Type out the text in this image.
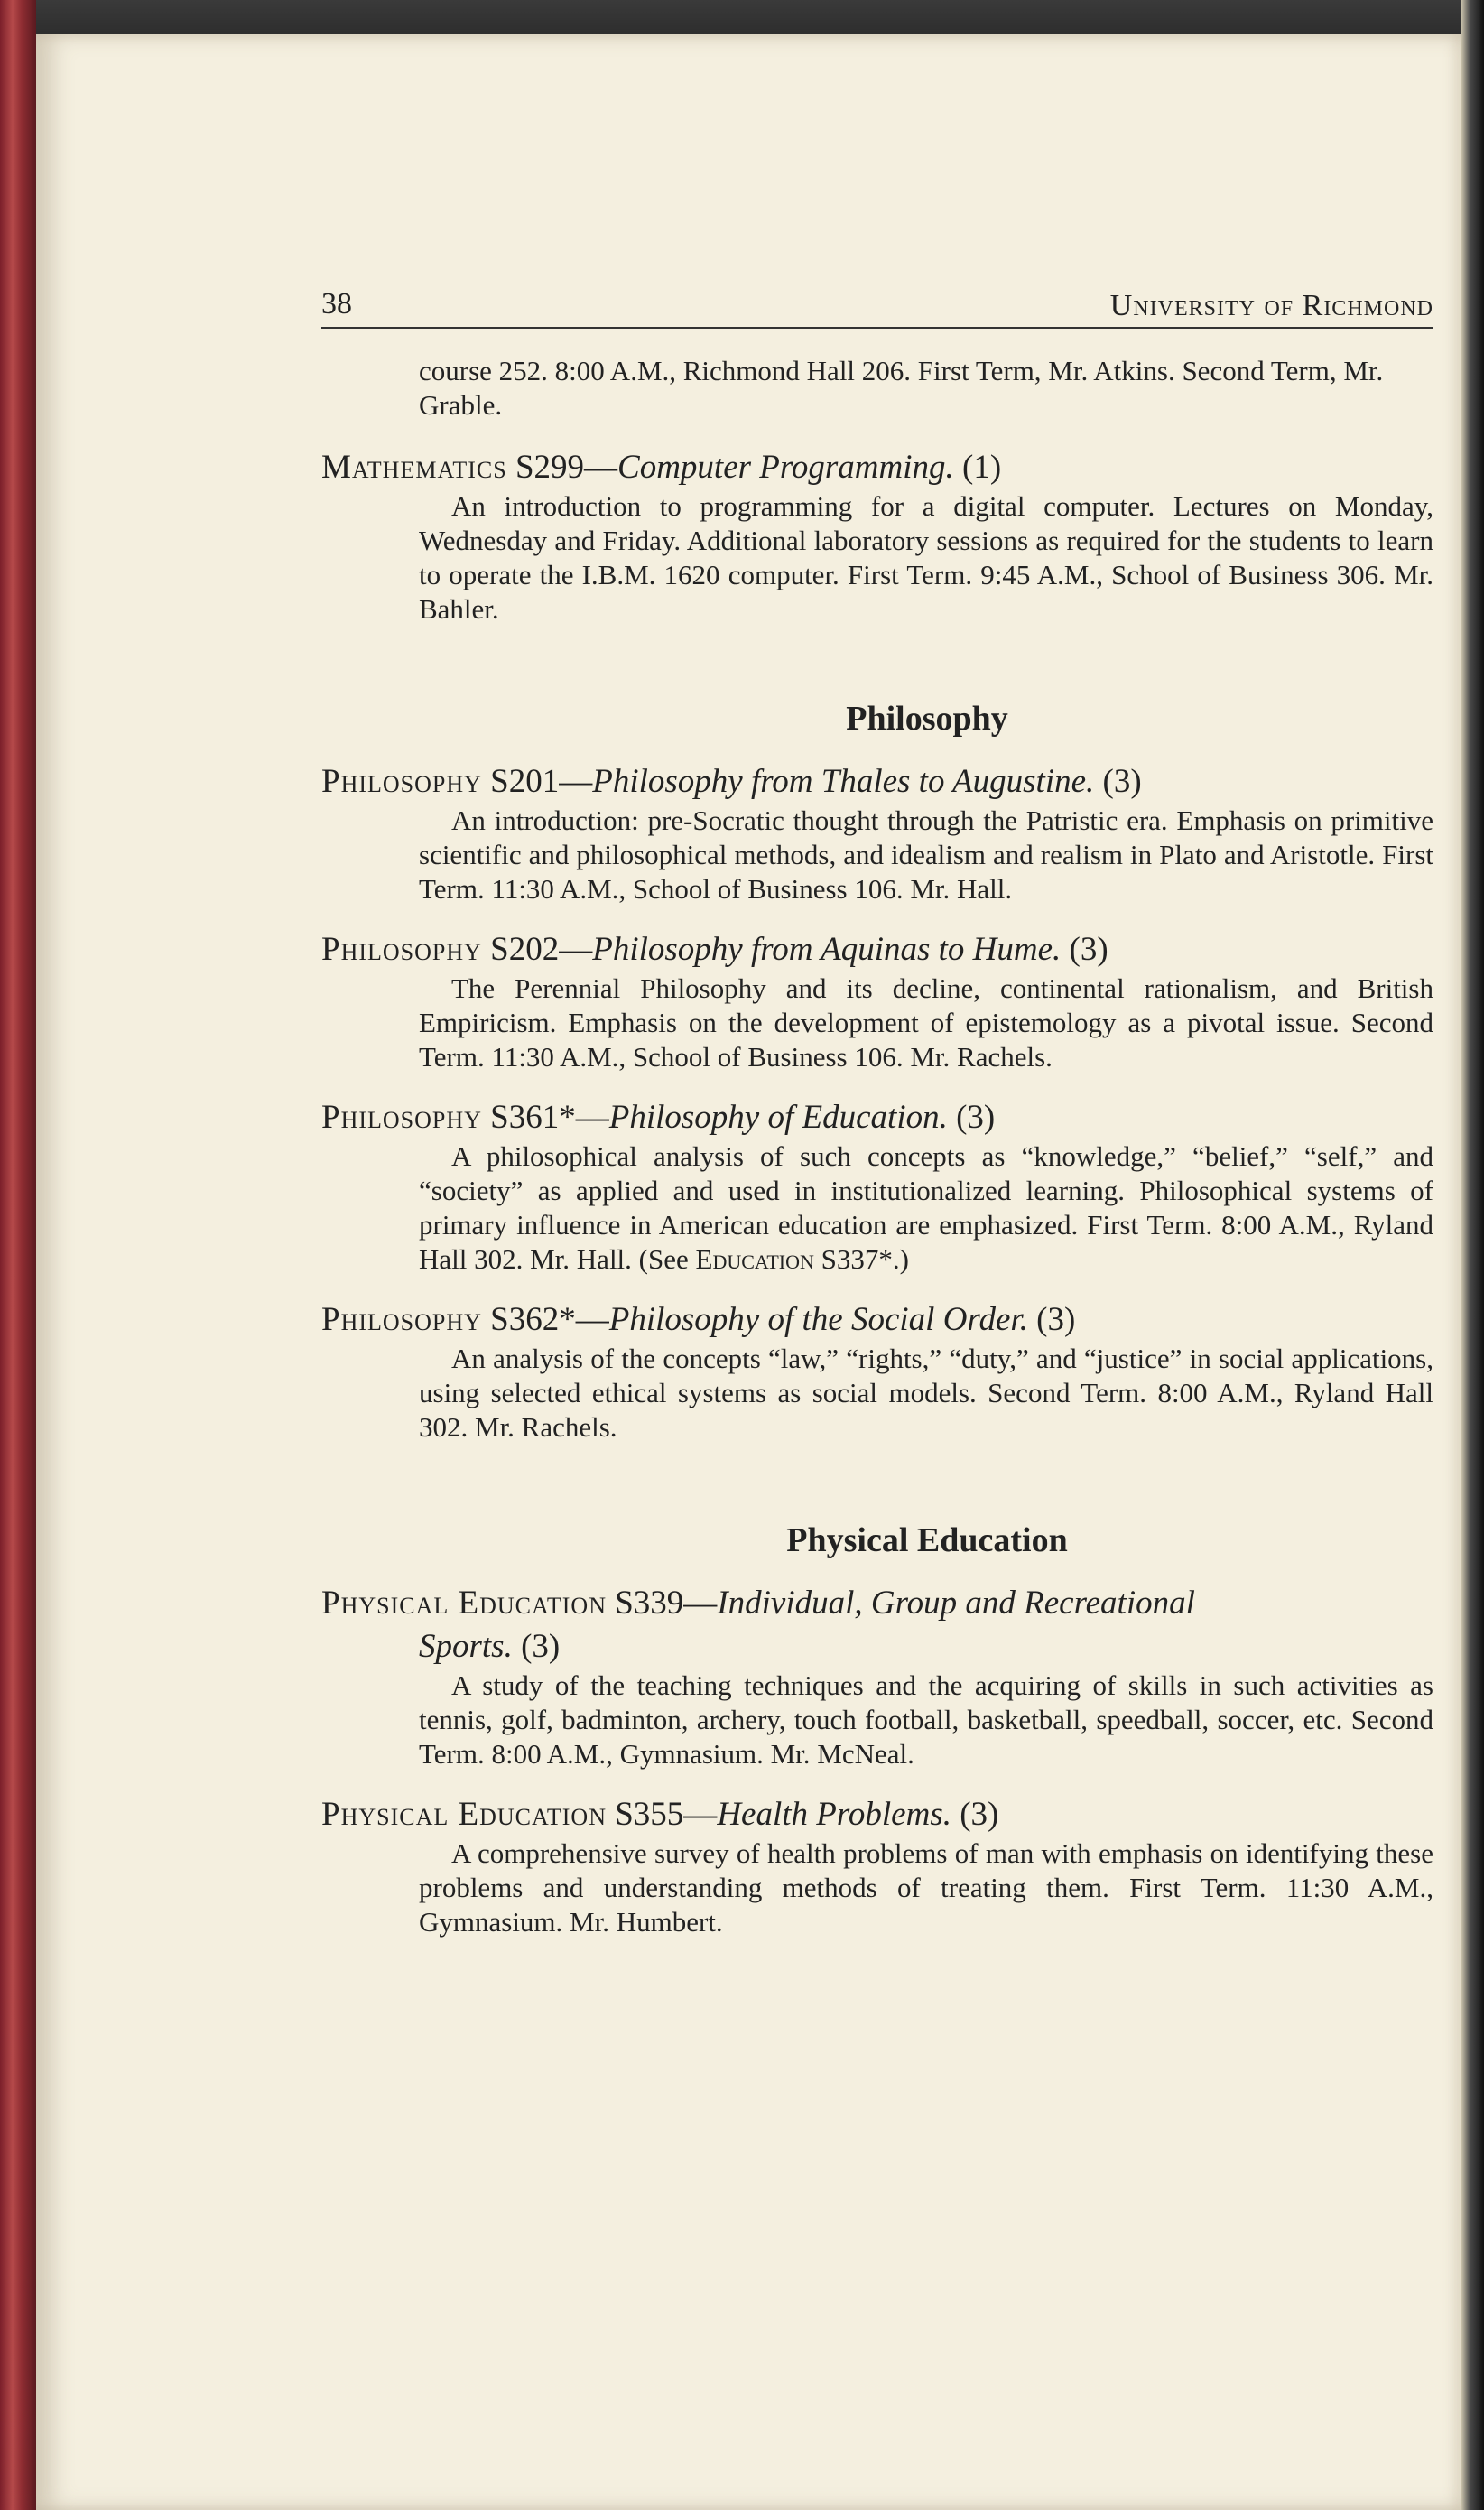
38	University of Richmond
course 252. 8:00 A.M., Richmond Hall 206. First Term, Mr. Atkins. Second Term, Mr. Grable.
Mathematics S299—Computer Programming. (1)
An introduction to programming for a digital computer. Lectures on Monday, Wednesday and Friday. Additional laboratory sessions as required for the students to learn to operate the I.B.M. 1620 computer. First Term. 9:45 A.M., School of Business 306. Mr. Bahler.
Philosophy
Philosophy S201—Philosophy from Thales to Augustine. (3)
An introduction: pre-Socratic thought through the Patristic era. Emphasis on primitive scientific and philosophical methods, and idealism and realism in Plato and Aristotle. First Term. 11:30 A.M., School of Business 106. Mr. Hall.
Philosophy S202—Philosophy from Aquinas to Hume. (3)
The Perennial Philosophy and its decline, continental rationalism, and British Empiricism. Emphasis on the development of epistemology as a pivotal issue. Second Term. 11:30 A.M., School of Business 106. Mr. Rachels.
Philosophy S361*—Philosophy of Education. (3)
A philosophical analysis of such concepts as “knowledge,” “belief,” “self,” and “society” as applied and used in institutionalized learning. Philosophical systems of primary influence in American education are emphasized. First Term. 8:00 A.M., Ryland Hall 302. Mr. Hall. (See Education S337*.)
Philosophy S362*—Philosophy of the Social Order. (3)
An analysis of the concepts “law,” “rights,” “duty,” and “justice” in social applications, using selected ethical systems as social models. Second Term. 8:00 A.M., Ryland Hall 302. Mr. Rachels.
Physical Education
Physical Education S339—Individual, Group and Recreational
Sports. (3)
A study of the teaching techniques and the acquiring of skills in such activities as tennis, golf, badminton, archery, touch football, basketball, speedball, soccer, etc. Second Term. 8:00 A.M., Gymnasium. Mr. McNeal.
Physical Education S355—Health Problems. (3)
A comprehensive survey of health problems of man with emphasis on identifying these problems and understanding methods of treating them. First Term. 11:30 A.M., Gymnasium. Mr. Humbert.
